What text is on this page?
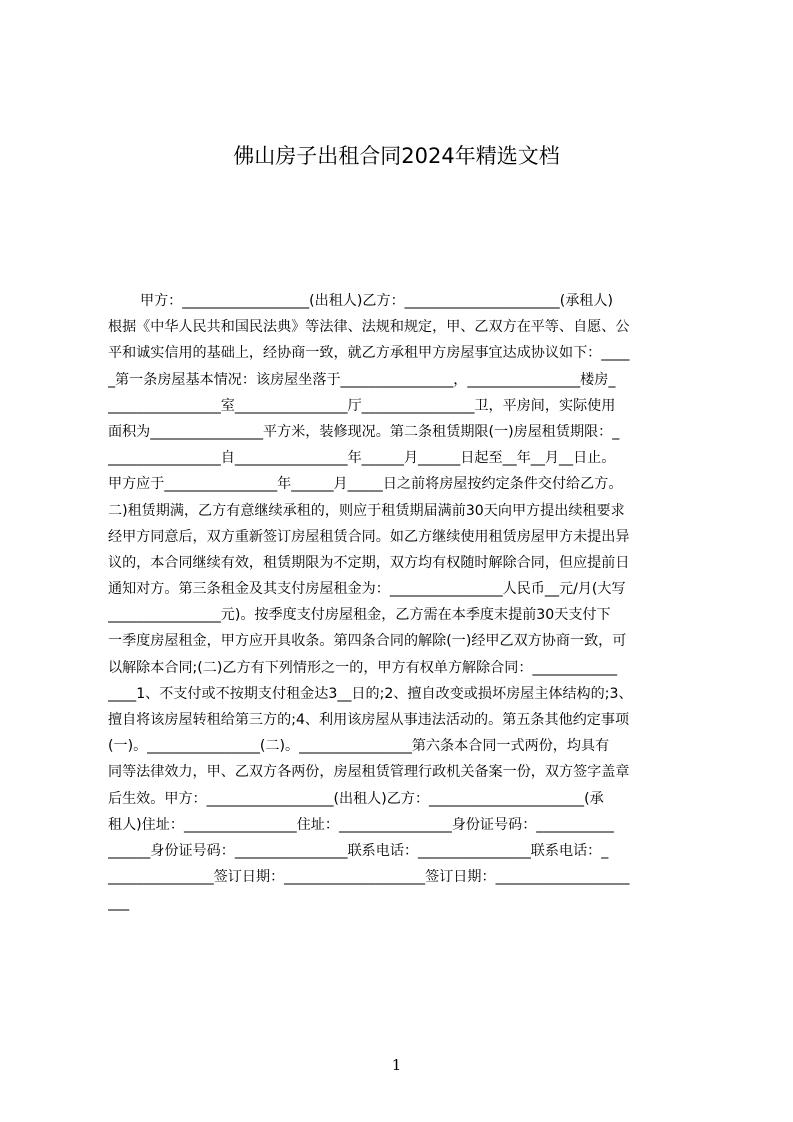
佛山房子出租合同2024年精选文档
甲方：__________________(出租人)乙方：______________________(承租人)
根据《中华人民共和国民法典》等法律、法规和规定，甲、乙双方在平等、自愿、公
平和诚实信用的基础上，经协商一致，就乙方承租甲方房屋事宜达成协议如下：____
_第一条房屋基本情况：该房屋坐落于________________，________________楼房_
________________室________________厅________________卫，平房间，实际使用
面积为________________平方米，装修现况。第二条租赁期限(一)房屋租赁期限：_
________________自________________年______月______日起至__年__月__日止。
甲方应于________________年______月_____日之前将房屋按约定条件交付给乙方。
二)租赁期满，乙方有意继续承租的，则应于租赁期届满前30天向甲方提出续租要求
经甲方同意后，双方重新签订房屋租赁合同。如乙方继续使用租赁房屋甲方未提出异
议的，本合同继续有效，租赁期限为不定期，双方均有权随时解除合同，但应提前日
通知对方。第三条租金及其支付房屋租金为：________________人民币__元/月(大写
________________元)。按季度支付房屋租金，乙方需在本季度末提前30天支付下
一季度房屋租金，甲方应开具收条。第四条合同的解除(一)经甲乙双方协商一致，可
以解除本合同;(二)乙方有下列情形之一的，甲方有权单方解除合同：____________
____1、不支付或不按期支付租金达3__日的;2、擅自改变或损坏房屋主体结构的;3、
擅自将该房屋转租给第三方的;4、利用该房屋从事违法活动的。第五条其他约定事项
(一)。________________(二)。________________第六条本合同一式两份，均具有
同等法律效力，甲、乙双方各两份，房屋租赁管理行政机关备案一份，双方签字盖章
后生效。甲方：__________________(出租人)乙方：______________________(承
租人)住址：________________住址：________________身份证号码：___________
______身份证号码：________________联系电话：________________联系电话：_
_______________签订日期：____________________签订日期：___________________
___
1
